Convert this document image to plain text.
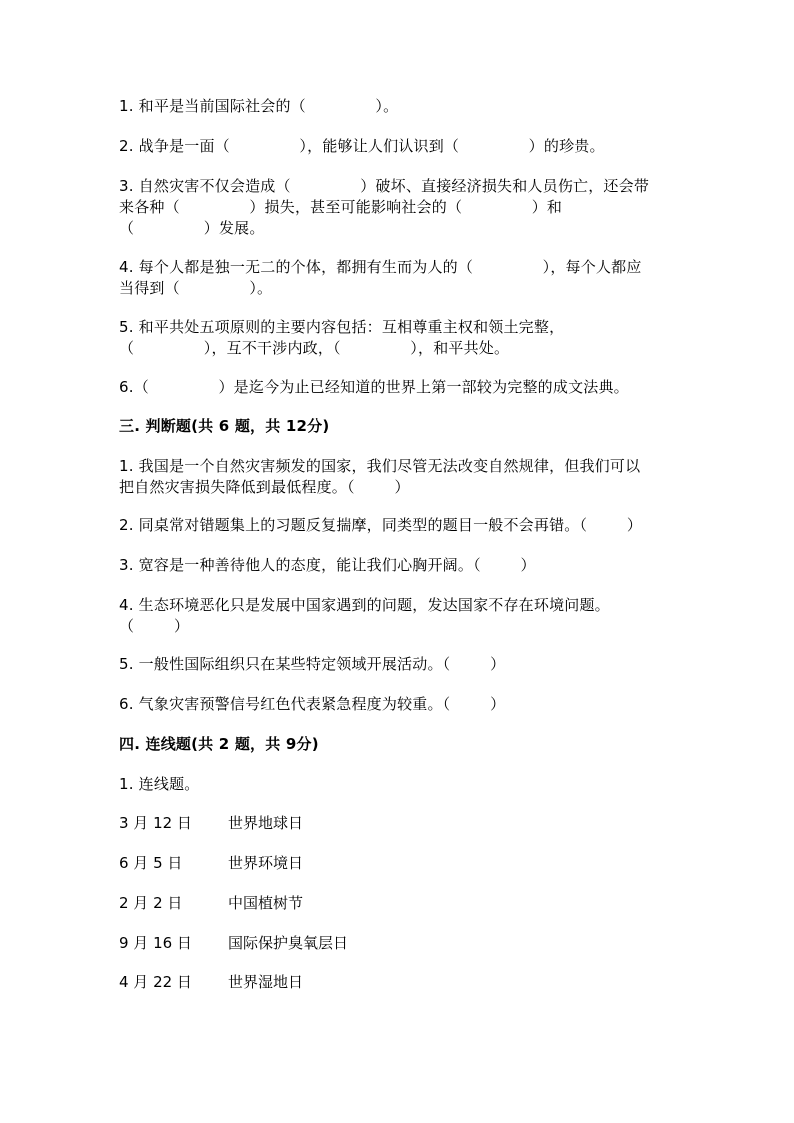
1. 和平是当前国际社会的（              ）。
2. 战争是一面（              ），能够让人们认识到（              ）的珍贵。
3. 自然灾害不仅会造成（              ）破坏、直接经济损失和人员伤亡，还会带
来各种（              ）损失，甚至可能影响社会的（              ）和
（              ）发展。
4. 每个人都是独一无二的个体，都拥有生而为人的（              ），每个人都应
当得到（              ）。
5. 和平共处五项原则的主要内容包括：互相尊重主权和领土完整，
（              ），互不干涉内政，（              ），和平共处。
6.（              ）是迄今为止已经知道的世界上第一部较为完整的成文法典。
三. 判断题(共 6 题，共 12分)
1. 我国是一个自然灾害频发的国家，我们尽管无法改变自然规律，但我们可以
把自然灾害损失降低到最低程度。（        ）
2. 同桌常对错题集上的习题反复揣摩，同类型的题目一般不会再错。（        ）
3. 宽容是一种善待他人的态度，能让我们心胸开阔。（        ）
4. 生态环境恶化只是发展中国家遇到的问题，发达国家不存在环境问题。
（        ）
5. 一般性国际组织只在某些特定领域开展活动。（        ）
6. 气象灾害预警信号红色代表紧急程度为较重。（        ）
四. 连线题(共 2 题，共 9分)
1. 连线题。
3 月 12 日 世界地球日
6 月 5 日	世界环境日
2 月 2 日	中国植树节
9 月 16 日 国际保护臭氧层日
4 月 22 日 世界湿地日
